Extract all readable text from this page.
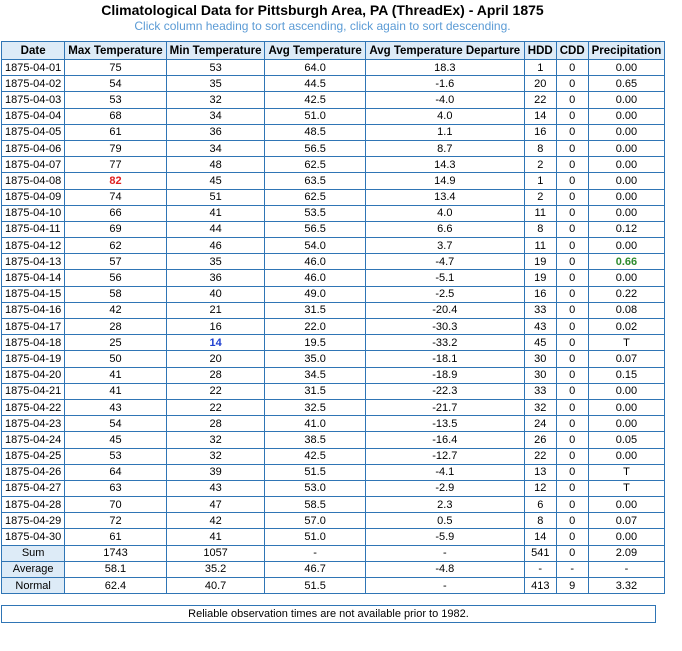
Climatological Data for Pittsburgh Area, PA (ThreadEx) - April 1875
Click column heading to sort ascending, click again to sort descending.
Date	Max Temperature	Min Temperature	Avg Temperature	Avg Temperature Departure	HDD	CDD	Precipitation
1875-04-01	75	53	64.0	18.3	1	0	0.00
1875-04-02	54	35	44.5	-1.6	20	0	0.65
1875-04-03	53	32	42.5	-4.0	22	0	0.00
1875-04-04	68	34	51.0	4.0	14	0	0.00
1875-04-05	61	36	48.5	1.1	16	0	0.00
1875-04-06	79	34	56.5	8.7	8	0	0.00
1875-04-07	77	48	62.5	14.3	2	0	0.00
1875-04-08	82	45	63.5	14.9	1	0	0.00
1875-04-09	74	51	62.5	13.4	2	0	0.00
1875-04-10	66	41	53.5	4.0	11	0	0.00
1875-04-11	69	44	56.5	6.6	8	0	0.12
1875-04-12	62	46	54.0	3.7	11	0	0.00
1875-04-13	57	35	46.0	-4.7	19	0	0.66
1875-04-14	56	36	46.0	-5.1	19	0	0.00
1875-04-15	58	40	49.0	-2.5	16	0	0.22
1875-04-16	42	21	31.5	-20.4	33	0	0.08
1875-04-17	28	16	22.0	-30.3	43	0	0.02
1875-04-18	25	14	19.5	-33.2	45	0	T
1875-04-19	50	20	35.0	-18.1	30	0	0.07
1875-04-20	41	28	34.5	-18.9	30	0	0.15
1875-04-21	41	22	31.5	-22.3	33	0	0.00
1875-04-22	43	22	32.5	-21.7	32	0	0.00
1875-04-23	54	28	41.0	-13.5	24	0	0.00
1875-04-24	45	32	38.5	-16.4	26	0	0.05
1875-04-25	53	32	42.5	-12.7	22	0	0.00
1875-04-26	64	39	51.5	-4.1	13	0	T
1875-04-27	63	43	53.0	-2.9	12	0	T
1875-04-28	70	47	58.5	2.3	6	0	0.00
1875-04-29	72	42	57.0	0.5	8	0	0.07
1875-04-30	61	41	51.0	-5.9	14	0	0.00
Sum	1743	1057	-	-	541	0	2.09
Average	58.1	35.2	46.7	-4.8	-	-	-
Normal	62.4	40.7	51.5	-	413	9	3.32
Reliable observation times are not available prior to 1982.
